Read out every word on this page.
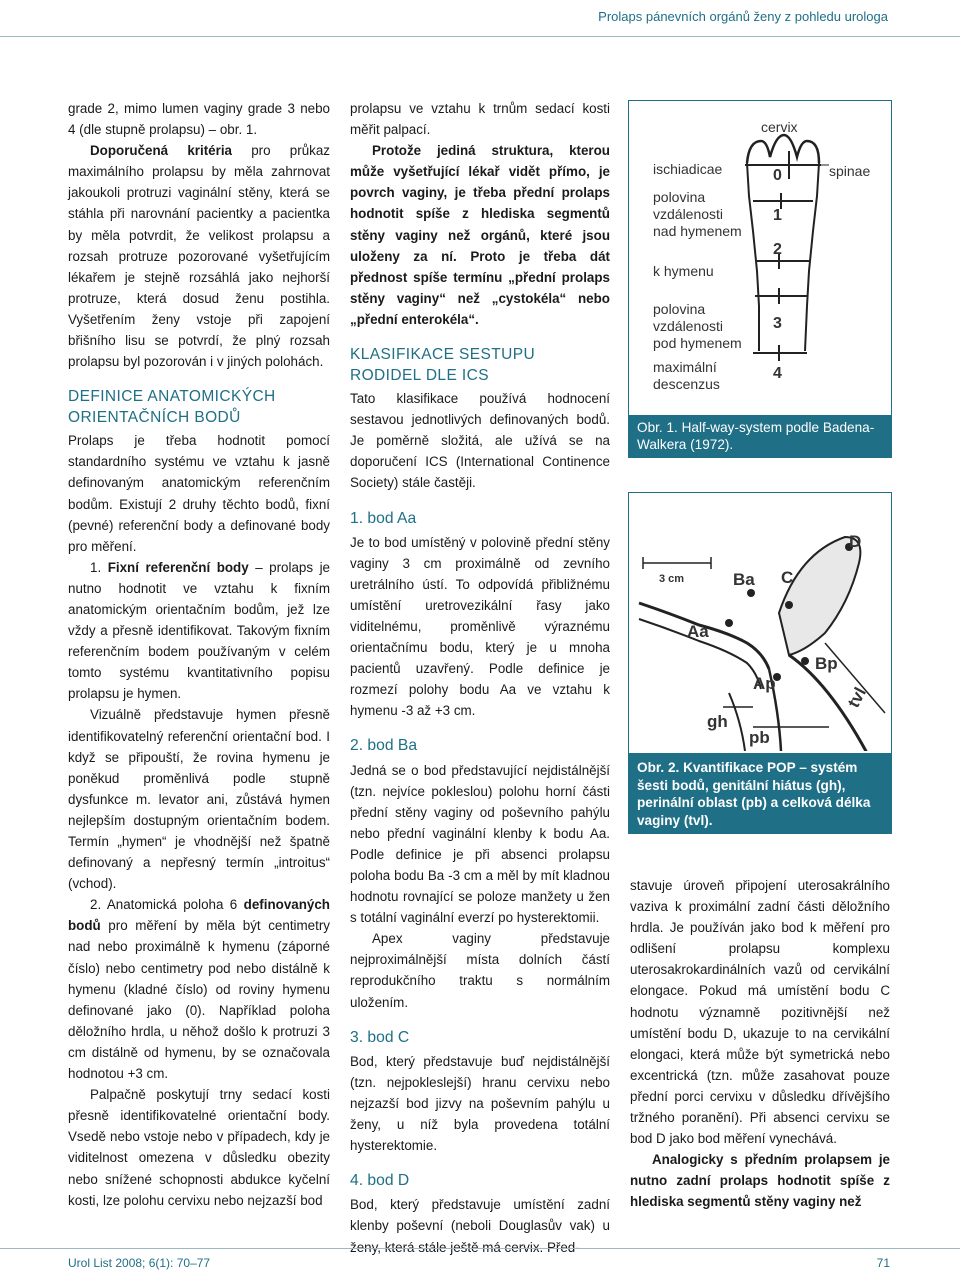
Prolaps pánevních orgánů ženy z pohledu urologa

grade 2, mimo lumen vaginy grade 3 nebo 4 (dle stupně prolapsu) – obr. 1.

Doporučená kritéria pro průkaz maximálního prolapsu by měla zahrnovat jakoukoli protruzi vaginální stěny, která se stáhla při narovnání pacientky a pacientka by měla potvrdit, že velikost prolapsu a rozsah protruze pozorované vyšetřujícím lékařem je stejně rozsáhlá jako nejhorší protruze, která dosud ženu postihla. Vyšetřením ženy vstoje při zapojení břišního lisu se potvrdí, že plný rozsah prolapsu byl pozorován i v jiných polohách.

DEFINICE ANATOMICKÝCH ORIENTAČNÍCH BODŮ

Prolaps je třeba hodnotit pomocí standardního systému ve vztahu k jasně definovaným anatomickým referenčním bodům. Existují 2 druhy těchto bodů, fixní (pevné) referenční body a definované body pro měření.

1. Fixní referenční body – prolaps je nutno hodnotit ve vztahu k fixním anatomickým orientačním bodům, jež lze vždy a přesně identifikovat. Takovým fixním referenčním bodem používaným v celém tomto systému kvantitativního popisu prolapsu je hymen.

Vizuálně představuje hymen přesně identifikovatelný referenční orientační bod. I když se připouští, že rovina hymenu je poněkud proměnlivá podle stupně dysfunkce m. levator ani, zůstává hymen nejlepším dostupným orientačním bodem. Termín „hymen“ je vhodnější než špatně definovaný a nepřesný termín „introitus“ (vchod).

2. Anatomická poloha 6 definovaných bodů pro měření by měla být centimetry nad nebo proximálně k hymenu (záporné číslo) nebo centimetry pod nebo distálně k hymenu (kladné číslo) od roviny hymenu definované jako (0). Například poloha děložního hrdla, u něhož došlo k protruzi 3 cm distálně od hymenu, by se označovala hodnotou +3 cm.

Palpačně poskytují trny sedací kosti přesně identifikovatelné orientační body. Vsedě nebo vstoje nebo v případech, kdy je viditelnost omezena v důsledku obezity nebo snížené schopnosti abdukce kyčelní kosti, lze polohu cervixu nebo nejzazší bod

prolapsu ve vztahu k trnům sedací kosti měřit palpací.

Protože jediná struktura, kterou může vyšetřující lékař vidět přímo, je povrch vaginy, je třeba přední prolaps hodnotit spíše z hlediska segmentů stěny vaginy než orgánů, které jsou uloženy za ní. Proto je třeba dát přednost spíše termínu „přední prolaps stěny vaginy“ než „cystokéla“ nebo „přední enterokéla“.

KLASIFIKACE SESTUPU RODIDEL DLE ICS

Tato klasifikace používá hodnocení sestavou jednotlivých definovaných bodů. Je poměrně složitá, ale užívá se na doporučení ICS (International Continence Society) stále častěji.

1. bod Aa

Je to bod umístěný v polovině přední stěny vaginy 3 cm proximálně od zevního uretrálního ústí. To odpovídá přibližnému umístění uretrovezikální řasy jako viditelnému, proměnlivě výraznému orientačnímu bodu, který je u mnoha pacientů uzavřený. Podle definice je rozmezí polohy bodu Aa ve vztahu k hymenu -3 až +3 cm.

2. bod Ba

Jedná se o bod představující nejdistálnější (tzn. nejvíce pokleslou) polohu horní části přední stěny vaginy od poševního pahýlu nebo přední vaginální klenby k bodu Aa. Podle definice je při absenci prolapsu poloha bodu Ba -3 cm a měl by mít kladnou hodnotu rovnající se poloze manžety u žen s totální vaginální everzí po hysterektomii.

Apex vaginy představuje nejproximálnější místa dolních částí reprodukčního traktu s normálním uložením.

3. bod C

Bod, který představuje buď nejdistálnější (tzn. nejpokleslejší) hranu cervixu nebo nejzazší bod jizvy na poševním pahýlu u ženy, u níž byla provedena totální hysterektomie.

4. bod D

Bod, který představuje umístění zadní klenby poševní (neboli Douglasův vak) u ženy, která stále ještě má cervix. Před-

cervix
ischiadicae	spinae
polovina
vzdálenosti
nad hymenem
k hymenu
polovina
vzdálenosti
pod hymenem
maximální
descenzus
0
1
2
3
4
Obr. 1. Half-way-system podle Badena-Walkera (1972).
3 cm
D
Ba C
Aa
Bp
Ap
gh
pb
tvl
Obr. 2. Kvantifikace POP – systém šesti bodů, genitální hiátus (gh), perinální oblast (pb) a celková délka vaginy (tvl).

stavuje úroveň připojení uterosakrálního vaziva k proximální zadní části děložního hrdla. Je používán jako bod k měření pro odlišení prolapsu komplexu uterosakrokardinálních vazů od cervikální elongace. Pokud má umístění bodu C hodnotu významně pozitivnější než umístění bodu D, ukazuje to na cervikální elongaci, která může být symetrická nebo excentrická (tzn. může zasahovat pouze přední porci cervixu v důsledku dřívějšího tržného poranění). Při absenci cervixu se bod D jako bod měření vynechává.

Analogicky s předním prolapsem je nutno zadní prolaps hodnotit spíše z hlediska segmentů stěny vaginy než

Urol List 2008; 6(1): 70–77	71
